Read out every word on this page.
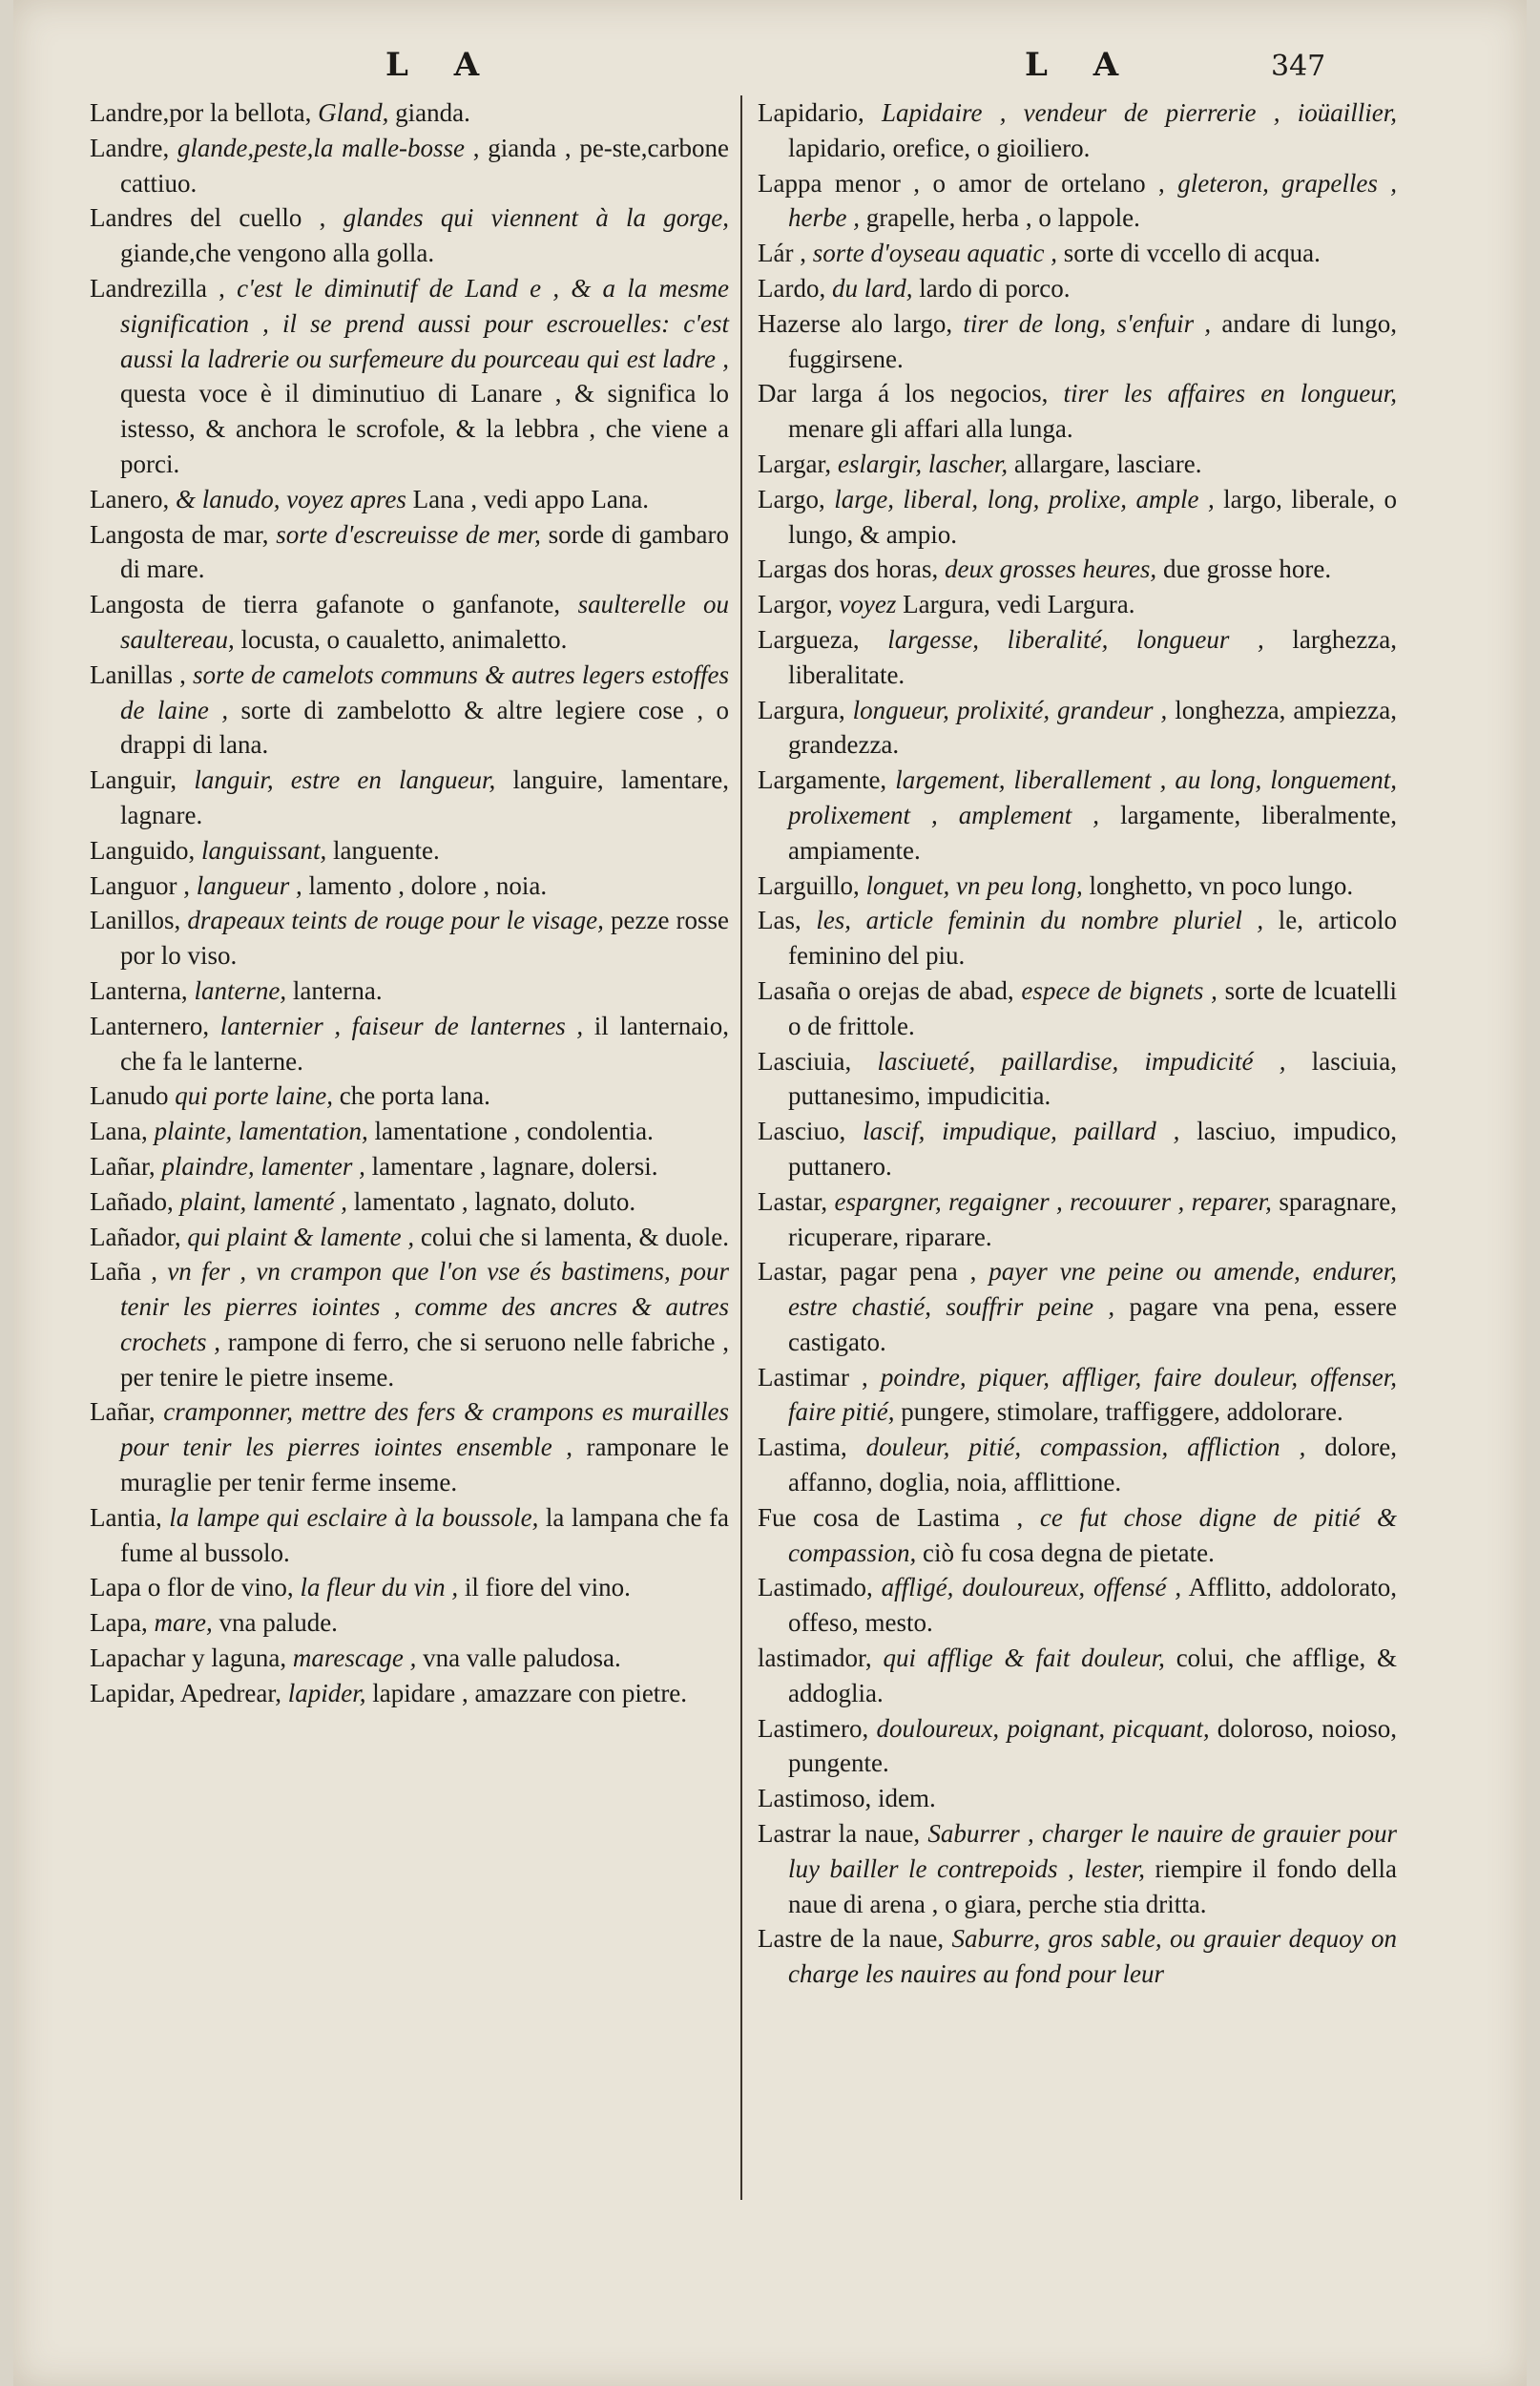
L A	L A	347

Landre,por la bellota, Gland, gianda.

Landre, glande,peste,la malle-bosse , gianda , pe-ste,carbone cattiuo.

Landres del cuello , glandes qui viennent à la gorge, giande,che vengono alla golla.

Landrezilla , c'est le diminutif de Land e , & a la mesme signification , il se prend aussi pour escrouelles: c'est aussi la ladrerie ou surfemeure du pourceau qui est ladre , questa voce è il diminutiuo di Lanare , & significa lo istesso, & anchora le scrofole, & la lebbra , che viene a porci.

Lanero, & lanudo, voyez apres Lana , vedi appo Lana.

Langosta de mar, sorte d'escreuisse de mer, sorde di gambaro di mare.

Langosta de tierra gafanote o ganfanote, saulterelle ou saultereau, locusta, o caualetto, animaletto.

Lanillas , sorte de camelots communs & autres legers estoffes de laine , sorte di zambelotto & altre legiere cose , o drappi di lana.

Languir, languir, estre en langueur, languire, lamentare, lagnare.

Languido, languissant, languente.

Languor , langueur , lamento , dolore , noia.

Lanillos, drapeaux teints de rouge pour le visage, pezze rosse por lo viso.

Lanterna, lanterne, lanterna.

Lanternero, lanternier , faiseur de lanternes , il lanternaio, che fa le lanterne.

Lanudo qui porte laine, che porta lana.

Lana, plainte, lamentation, lamentatione , condolentia.

Lañar, plaindre, lamenter , lamentare , lagnare, dolersi.

Lañado, plaint, lamenté , lamentato , lagnato, doluto.

Lañador, qui plaint & lamente , colui che si lamenta, & duole.

Laña , vn fer , vn crampon que l'on vse és bastimens, pour tenir les pierres iointes , comme des ancres & autres crochets , rampone di ferro, che si seruono nelle fabriche , per tenire le pietre inseme.

Lañar, cramponner, mettre des fers & crampons es murailles pour tenir les pierres iointes ensemble , ramponare le muraglie per tenir ferme inseme.

Lantia, la lampe qui esclaire à la boussole, la lampana che fa fume al bussolo.

Lapa o flor de vino, la fleur du vin , il fiore del vino.

Lapa, mare, vna palude.

Lapachar y laguna, marescage , vna valle paludosa.

Lapidar, Apedrear, lapider, lapidare , amazzare con pietre.

Lapidario, Lapidaire , vendeur de pierrerie , ioüaillier, lapidario, orefice, o gioiliero.

Lappa menor , o amor de ortelano , gleteron, grapelles , herbe , grapelle, herba , o lappole.

Lár , sorte d'oyseau aquatic , sorte di vccello di acqua.

Lardo, du lard, lardo di porco.

Hazerse alo largo, tirer de long, s'enfuir , andare di lungo, fuggirsene.

Dar larga á los negocios, tirer les affaires en longueur, menare gli affari alla lunga.

Largar, eslargir, lascher, allargare, lasciare.

Largo, large, liberal, long, prolixe, ample , largo, liberale, o lungo, & ampio.

Largas dos horas, deux grosses heures, due grosse hore.

Largor, voyez Largura, vedi Largura.

Largueza, largesse, liberalité, longueur , larghezza, liberalitate.

Largura, longueur, prolixité, grandeur , longhezza, ampiezza, grandezza.

Largamente, largement, liberallement , au long, longuement, prolixement , amplement , largamente, liberalmente, ampiamente.

Larguillo, longuet, vn peu long, longhetto, vn poco lungo.

Las, les, article feminin du nombre pluriel , le, articolo feminino del piu.

Lasaña o orejas de abad, espece de bignets , sorte de lcuatelli o de frittole.

Lasciuia, lasciueté, paillardise, impudicité , lasciuia, puttanesimo, impudicitia.

Lasciuo, lascif, impudique, paillard , lasciuo, impudico, puttanero.

Lastar, espargner, regaigner , recouurer , reparer, sparagnare, ricuperare, riparare.

Lastar, pagar pena , payer vne peine ou amende, endurer, estre chastié, souffrir peine , pagare vna pena, essere castigato.

Lastimar , poindre, piquer, affliger, faire douleur, offenser, faire pitié, pungere, stimolare, traffiggere, addolorare.

Lastima, douleur, pitié, compassion, affliction , dolore, affanno, doglia, noia, afflittione.

Fue cosa de Lastima , ce fut chose digne de pitié & compassion, ciò fu cosa degna de pietate.

Lastimado, affligé, douloureux, offensé , Afflitto, addolorato, offeso, mesto.

lastimador, qui afflige & fait douleur, colui, che afflige, & addoglia.

Lastimero, douloureux, poignant, picquant, doloroso, noioso, pungente.

Lastimoso, idem.

Lastrar la naue, Saburrer , charger le nauire de grauier pour luy bailler le contrepoids , lester, riempire il fondo della naue di arena , o giara, perche stia dritta.

Lastre de la naue, Saburre, gros sable, ou grauier dequoy on charge les nauires au fond pour leur
